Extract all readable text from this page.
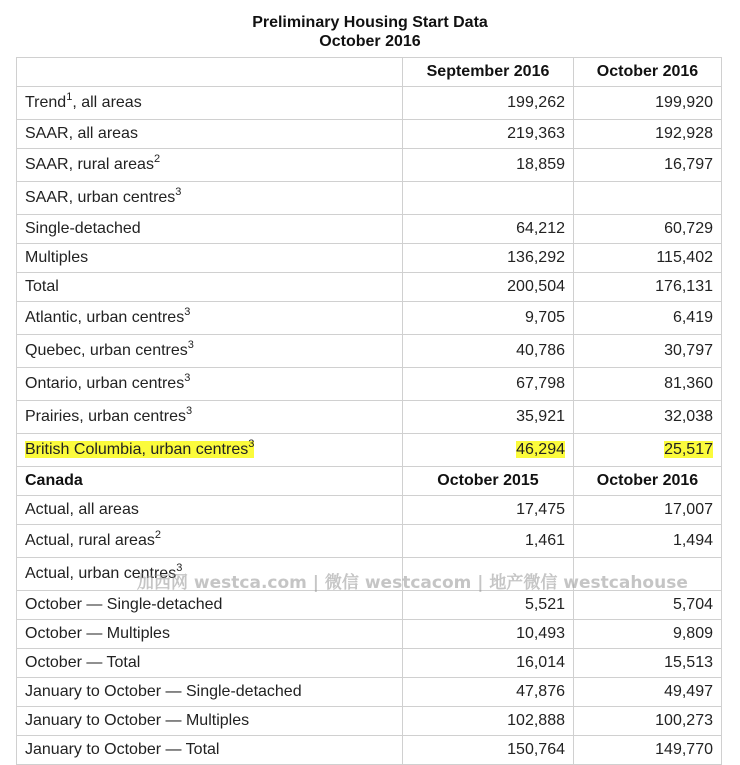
Preliminary Housing Start Data
October 2016
	September 2016	October 2016
Trend$^1$, all areas	199,262	199,920
SAAR, all areas	219,363	192,928
SAAR, rural areas$^2$	18,859	16,797
SAAR, urban centres$^3$		
Single-detached	64,212	60,729
Multiples	136,292	115,402
Total	200,504	176,131
Atlantic, urban centres$^3$	9,705	6,419
Quebec, urban centres$^3$	40,786	30,797
Ontario, urban centres$^3$	67,798	81,360
Prairies, urban centres$^3$	35,921	32,038
British Columbia, urban centres$^3$	46,294	25,517
Canada	October 2015	October 2016
Actual, all areas	17,475	17,007
Actual, rural areas$^2$	1,461	1,494
Actual, urban centres$^3$		
October — Single-detached	5,521	5,704
October — Multiples	10,493	9,809
October — Total	16,014	15,513
January to October — Single-detached	47,876	49,497
January to October — Multiples	102,888	100,273
January to October — Total	150,764	149,770
加西网 westca.com | 微信 westcacom | 地产微信 westcahouse
